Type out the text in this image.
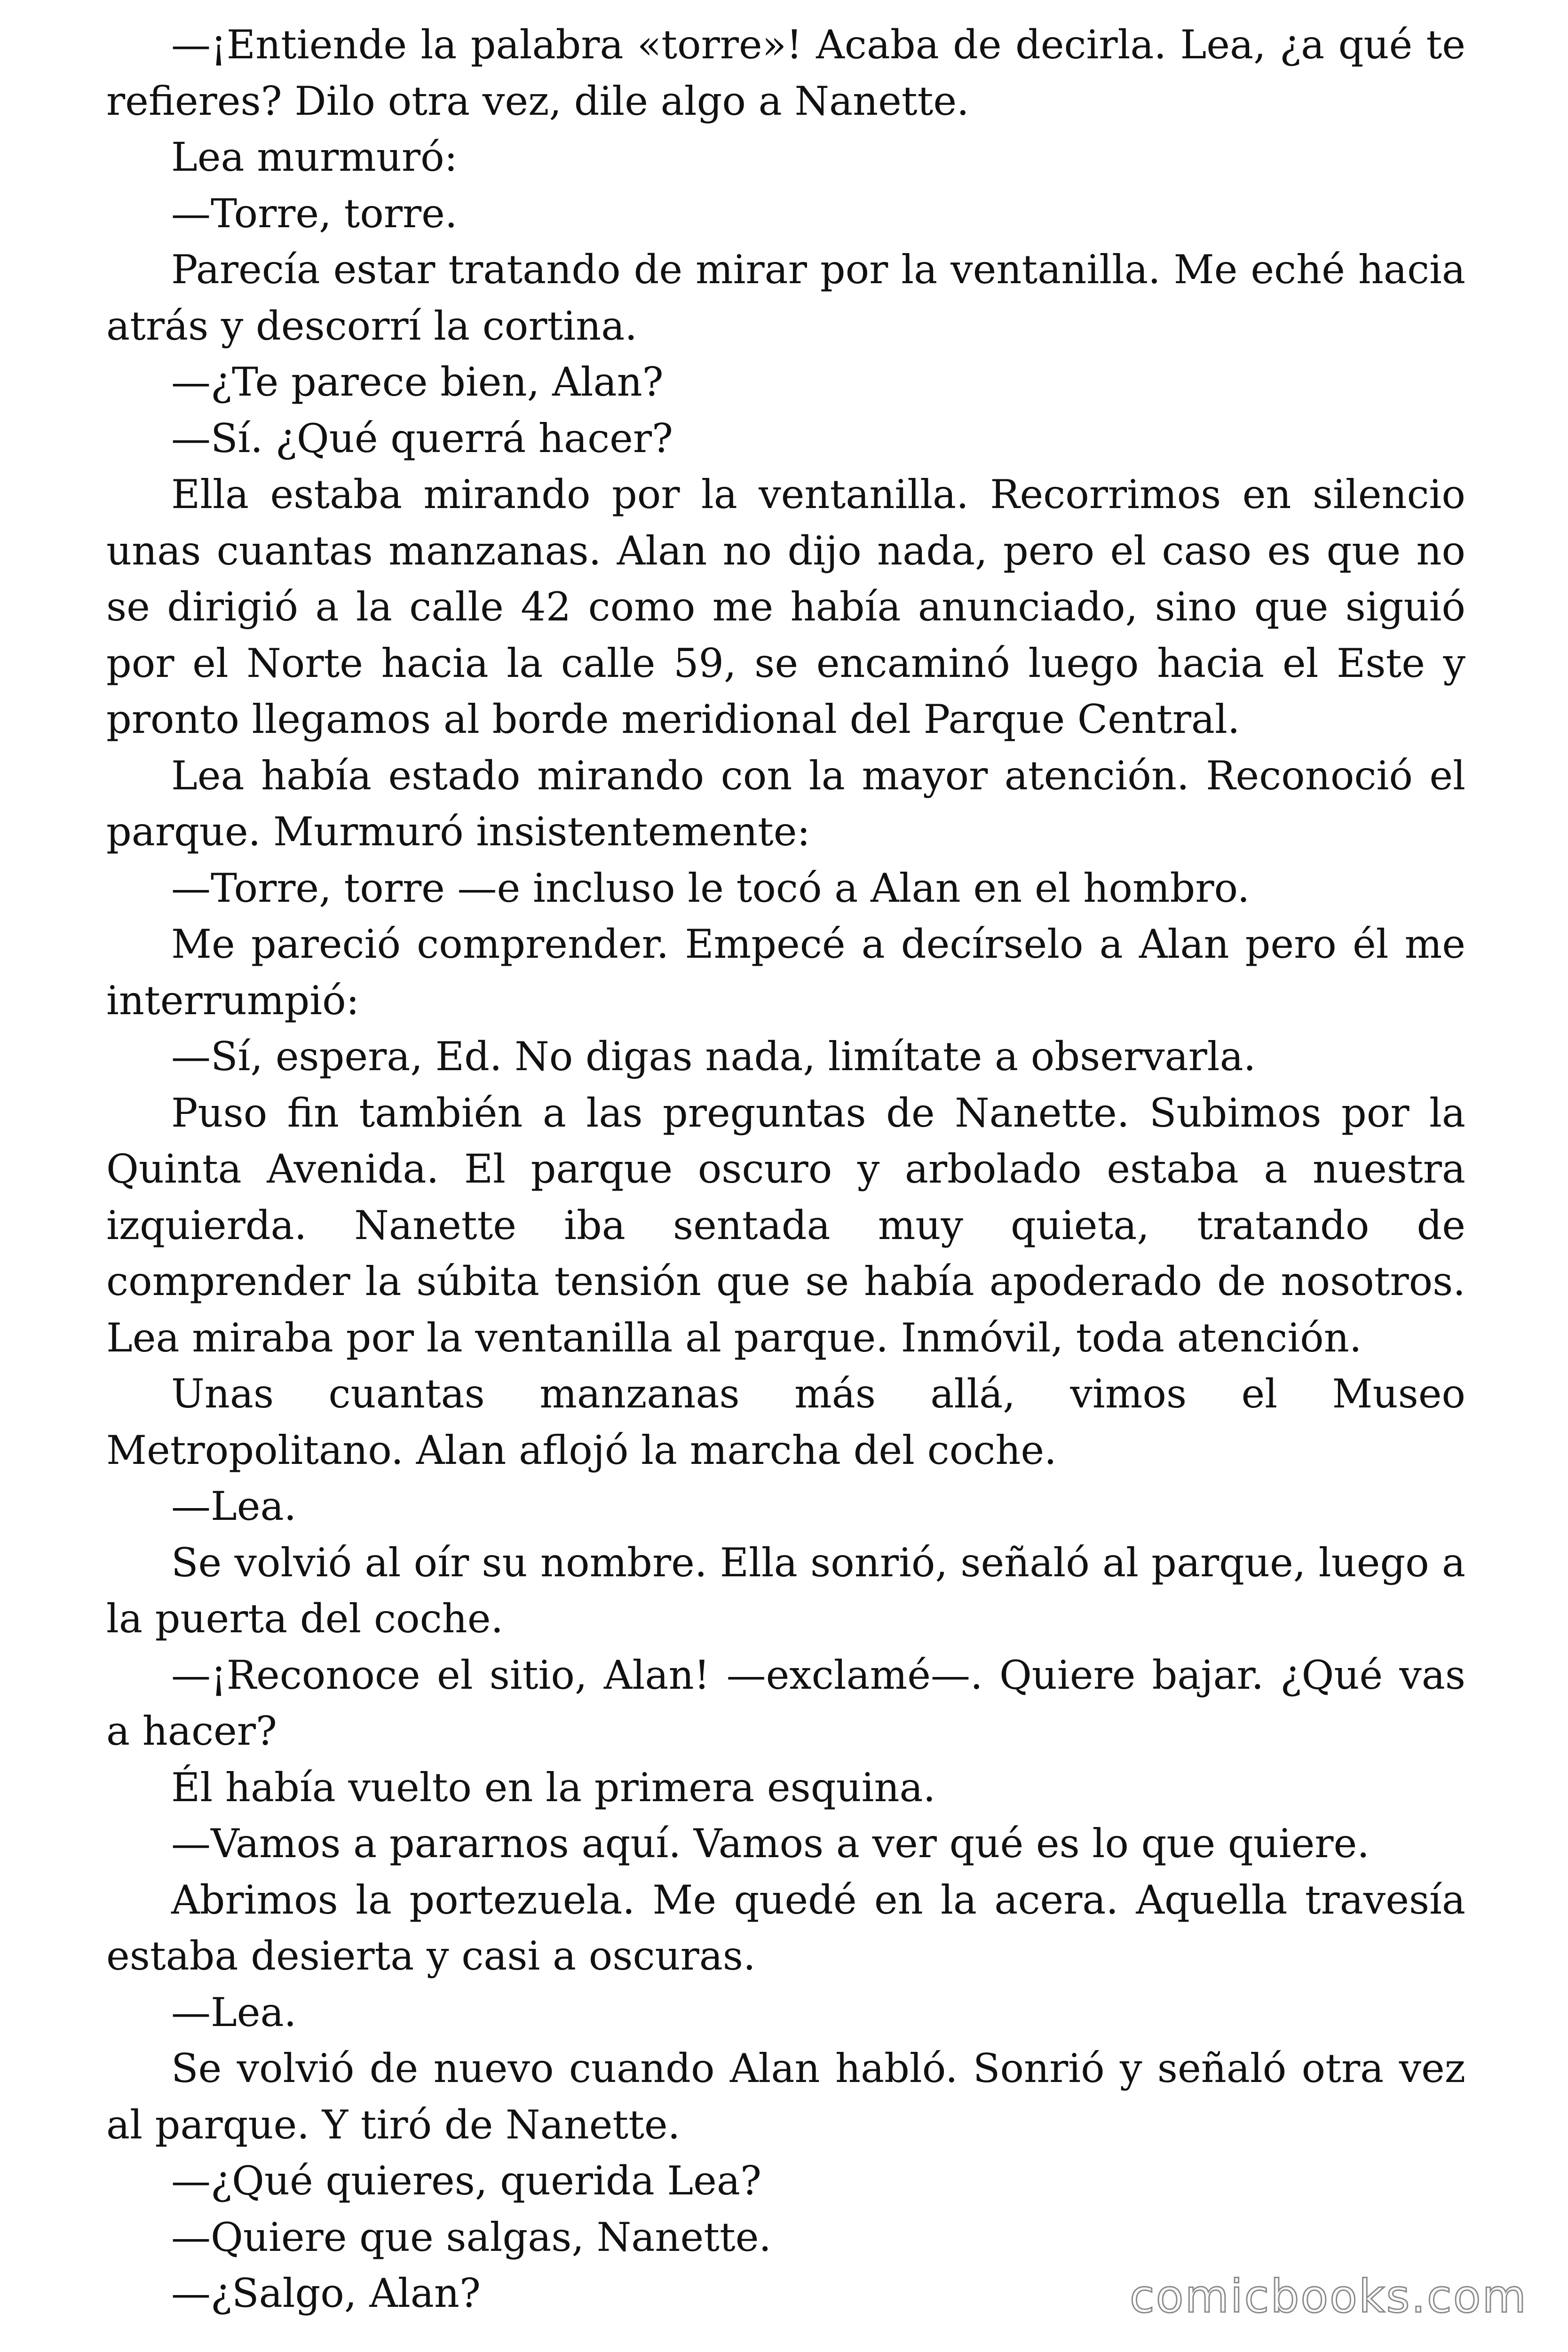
—¡Entiende la palabra «torre»! Acaba de decirla. Lea, ¿a qué te refieres? Dilo otra vez, dile algo a Nanette.

Lea murmuró:

—Torre, torre.

Parecía estar tratando de mirar por la ventanilla. Me eché hacia atrás y descorrí la cortina.

—¿Te parece bien, Alan?

—Sí. ¿Qué querrá hacer?

Ella estaba mirando por la ventanilla. Recorrimos en silencio unas cuantas manzanas. Alan no dijo nada, pero el caso es que no se dirigió a la calle 42 como me había anunciado, sino que siguió por el Norte hacia la calle 59, se encaminó luego hacia el Este y pronto llegamos al borde meridional del Parque Central.

Lea había estado mirando con la mayor atención. Reconoció el parque. Murmuró insistentemente:

—Torre, torre —e incluso le tocó a Alan en el hombro.

Me pareció comprender. Empecé a decírselo a Alan pero él me interrumpió:

—Sí, espera, Ed. No digas nada, limítate a observarla.

Puso fin también a las preguntas de Nanette. Subimos por la Quinta Avenida. El parque oscuro y arbolado estaba a nuestra izquierda. Nanette iba sentada muy quieta, tratando de comprender la súbita tensión que se había apoderado de nosotros. Lea miraba por la ventanilla al parque. Inmóvil, toda atención.

Unas cuantas manzanas más allá, vimos el Museo Metropolitano. Alan aflojó la marcha del coche.

—Lea.

Se volvió al oír su nombre. Ella sonrió, señaló al parque, luego a la puerta del coche.

—¡Reconoce el sitio, Alan! —exclamé—. Quiere bajar. ¿Qué vas a hacer?

Él había vuelto en la primera esquina.

—Vamos a pararnos aquí. Vamos a ver qué es lo que quiere.

Abrimos la portezuela. Me quedé en la acera. Aquella travesía estaba desierta y casi a oscuras.

—Lea.

Se volvió de nuevo cuando Alan habló. Sonrió y señaló otra vez al parque. Y tiró de Nanette.

—¿Qué quieres, querida Lea?

—Quiere que salgas, Nanette.

—¿Salgo, Alan?	comicbooks.com
